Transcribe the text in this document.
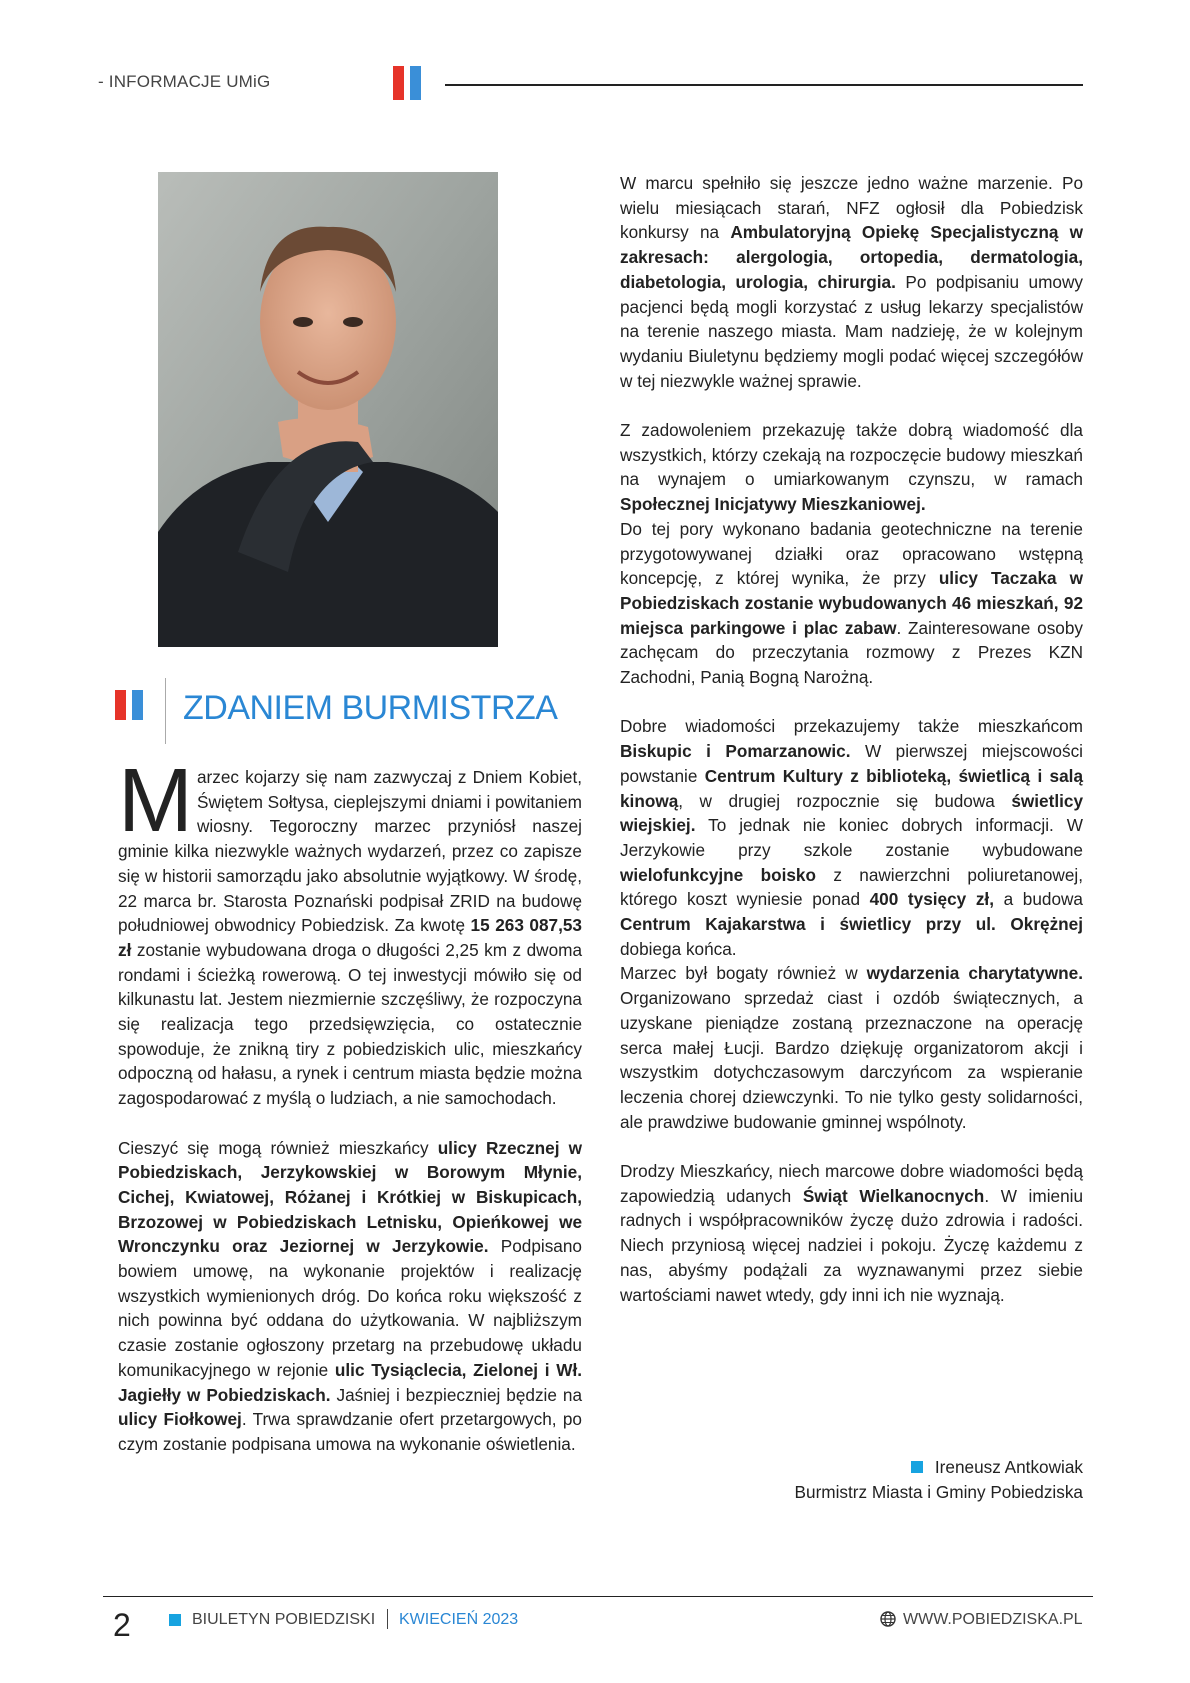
- INFORMACJE UMiG
ZDANIEM BURMISTRZA

Marzec kojarzy się nam zazwyczaj z Dniem Kobiet, Świętem Sołtysa, cieplejszymi dniami i powitaniem wiosny. Tegoroczny marzec przyniósł naszej gminie kilka niezwykle ważnych wydarzeń, przez co zapisze się w historii samorządu jako absolutnie wyjątkowy. W środę, 22 marca br. Starosta Poznański podpisał ZRID na budowę południowej obwodnicy Pobiedzisk. Za kwotę 15 263 087,53 zł zostanie wybudowana droga o długości 2,25 km z dwoma rondami i ścieżką rowerową. O tej inwestycji mówiło się od kilkunastu lat. Jestem niezmiernie szczęśliwy, że rozpoczyna się realizacja tego przedsięwzięcia, co ostatecznie spowoduje, że znikną tiry z pobiedziskich ulic, mieszkańcy odpoczną od hałasu, a rynek i centrum miasta będzie można zagospodarować z myślą o ludziach, a nie samochodach.

Cieszyć się mogą również mieszkańcy ulicy Rzecznej w Pobiedziskach, Jerzykowskiej w Borowym Młynie, Cichej, Kwiatowej, Różanej i Krótkiej w Biskupicach, Brzozowej w Pobiedziskach Letnisku, Opieńkowej we Wronczynku oraz Jeziornej w Jerzykowie. Podpisano bowiem umowę, na wykonanie projektów i realizację wszystkich wymienionych dróg. Do końca roku większość z nich powinna być oddana do użytkowania. W najbliższym czasie zostanie ogłoszony przetarg na przebudowę układu komunikacyjnego w rejonie ulic Tysiąclecia, Zielonej i Wł. Jagiełły w Pobiedziskach. Jaśniej i bezpieczniej będzie na ulicy Fiołkowej. Trwa sprawdzanie ofert przetargowych, po czym zostanie podpisana umowa na wykonanie oświetlenia.

W marcu spełniło się jeszcze jedno ważne marzenie. Po wielu miesiącach starań, NFZ ogłosił dla Pobiedzisk konkursy na Ambulatoryjną Opiekę Specjalistyczną w zakresach: alergologia, ortopedia, dermatologia, diabetologia, urologia, chirurgia. Po podpisaniu umowy pacjenci będą mogli korzystać z usług lekarzy specjalistów na terenie naszego miasta. Mam nadzieję, że w kolejnym wydaniu Biuletynu będziemy mogli podać więcej szczegółów w tej niezwykle ważnej sprawie.

Z zadowoleniem przekazuję także dobrą wiadomość dla wszystkich, którzy czekają na rozpoczęcie budowy mieszkań na wynajem o umiarkowanym czynszu, w ramach Społecznej Inicjatywy Mieszkaniowej.

Do tej pory wykonano badania geotechniczne na terenie przygotowywanej działki oraz opracowano wstępną koncepcję, z której wynika, że przy ulicy Taczaka w Pobiedziskach zostanie wybudowanych 46 mieszkań, 92 miejsca parkingowe i plac zabaw. Zainteresowane osoby zachęcam do przeczytania rozmowy z Prezes KZN Zachodni, Panią Bogną Narożną.

Dobre wiadomości przekazujemy także mieszkańcom Biskupic i Pomarzanowic. W pierwszej miejscowości powstanie Centrum Kultury z biblioteką, świetlicą i salą kinową, w drugiej rozpocznie się budowa świetlicy wiejskiej. To jednak nie koniec dobrych informacji. W Jerzykowie przy szkole zostanie wybudowane wielofunkcyjne boisko z nawierzchni poliuretanowej, którego koszt wyniesie ponad 400 tysięcy zł, a budowa Centrum Kajakarstwa i świetlicy przy ul. Okrężnej dobiega końca.

Marzec był bogaty również w wydarzenia charytatywne. Organizowano sprzedaż ciast i ozdób świątecznych, a uzyskane pieniądze zostaną przeznaczone na operację serca małej Łucji. Bardzo dziękuję organizatorom akcji i wszystkim dotychczasowym darczyńcom za wspieranie leczenia chorej dziewczynki. To nie tylko gesty solidarności, ale prawdziwe budowanie gminnej wspólnoty.

Drodzy Mieszkańcy, niech marcowe dobre wiadomości będą zapowiedzią udanych Świąt Wielkanocnych. W imieniu radnych i współpracowników życzę dużo zdrowia i radości. Niech przyniosą więcej nadziei i pokoju. Życzę każdemu z nas, abyśmy podążali za wyznawanymi przez siebie wartościami nawet wtedy, gdy inni ich nie wyznają.

Ireneusz Antkowiak
Burmistrz Miasta i Gminy Pobiedziska
2	BIULETYN POBIEDZISKI KWIECIEŃ 2023	WWW.POBIEDZISKA.PL
